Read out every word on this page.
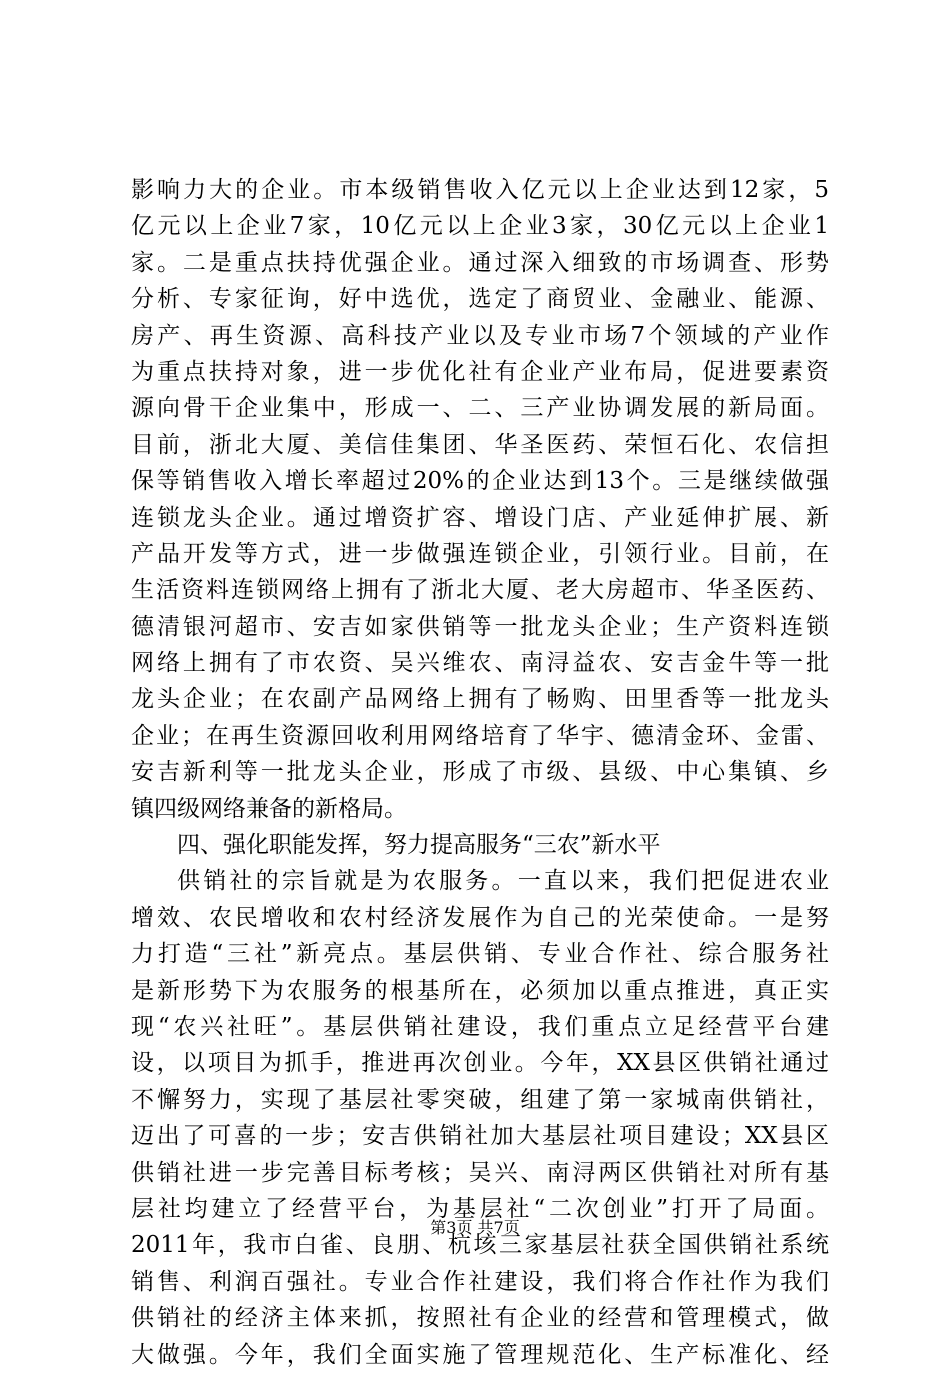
影响力大的企业。市本级销售收入亿元以上企业达到12家，5
亿元以上企业7家，10亿元以上企业3家，30亿元以上企业1
家。二是重点扶持优强企业。通过深入细致的市场调查、形势
分析、专家征询，好中选优，选定了商贸业、金融业、能源、
房产、再生资源、高科技产业以及专业市场7个领域的产业作
为重点扶持对象，进一步优化社有企业产业布局，促进要素资
源向骨干企业集中，形成一、二、三产业协调发展的新局面。
目前，浙北大厦、美信佳集团、华圣医药、荣恒石化、农信担
保等销售收入增长率超过20%的企业达到13个。三是继续做强
连锁龙头企业。通过增资扩容、增设门店、产业延伸扩展、新
产品开发等方式，进一步做强连锁企业，引领行业。目前，在
生活资料连锁网络上拥有了浙北大厦、老大房超市、华圣医药、
德清银河超市、安吉如家供销等一批龙头企业；生产资料连锁
网络上拥有了市农资、吴兴维农、南浔益农、安吉金牛等一批
龙头企业；在农副产品网络上拥有了畅购、田里香等一批龙头
企业；在再生资源回收利用网络培育了华宇、德清金环、金雷、
安吉新利等一批龙头企业，形成了市级、县级、中心集镇、乡
镇四级网络兼备的新格局。
四、强化职能发挥，努力提高服务“三农”新水平
供销社的宗旨就是为农服务。一直以来，我们把促进农业
增效、农民增收和农村经济发展作为自己的光荣使命。一是努
力打造“三社”新亮点。基层供销、专业合作社、综合服务社
是新形势下为农服务的根基所在，必须加以重点推进，真正实
现“农兴社旺”。基层供销社建设，我们重点立足经营平台建
设，以项目为抓手，推进再次创业。今年，XX县区供销社通过
不懈努力，实现了基层社零突破，组建了第一家城南供销社，
迈出了可喜的一步；安吉供销社加大基层社项目建设；XX县区
供销社进一步完善目标考核；吴兴、南浔两区供销社对所有基
层社均建立了经营平台，为基层社“二次创业”打开了局面。
2011年，我市白雀、良朋、杭垓三家基层社获全国供销社系统
销售、利润百强社。专业合作社建设，我们将合作社作为我们
供销社的经济主体来抓，按照社有企业的经营和管理模式，做
大做强。今年，我们全面实施了管理规范化、生产标准化、经
第3页 共7页
